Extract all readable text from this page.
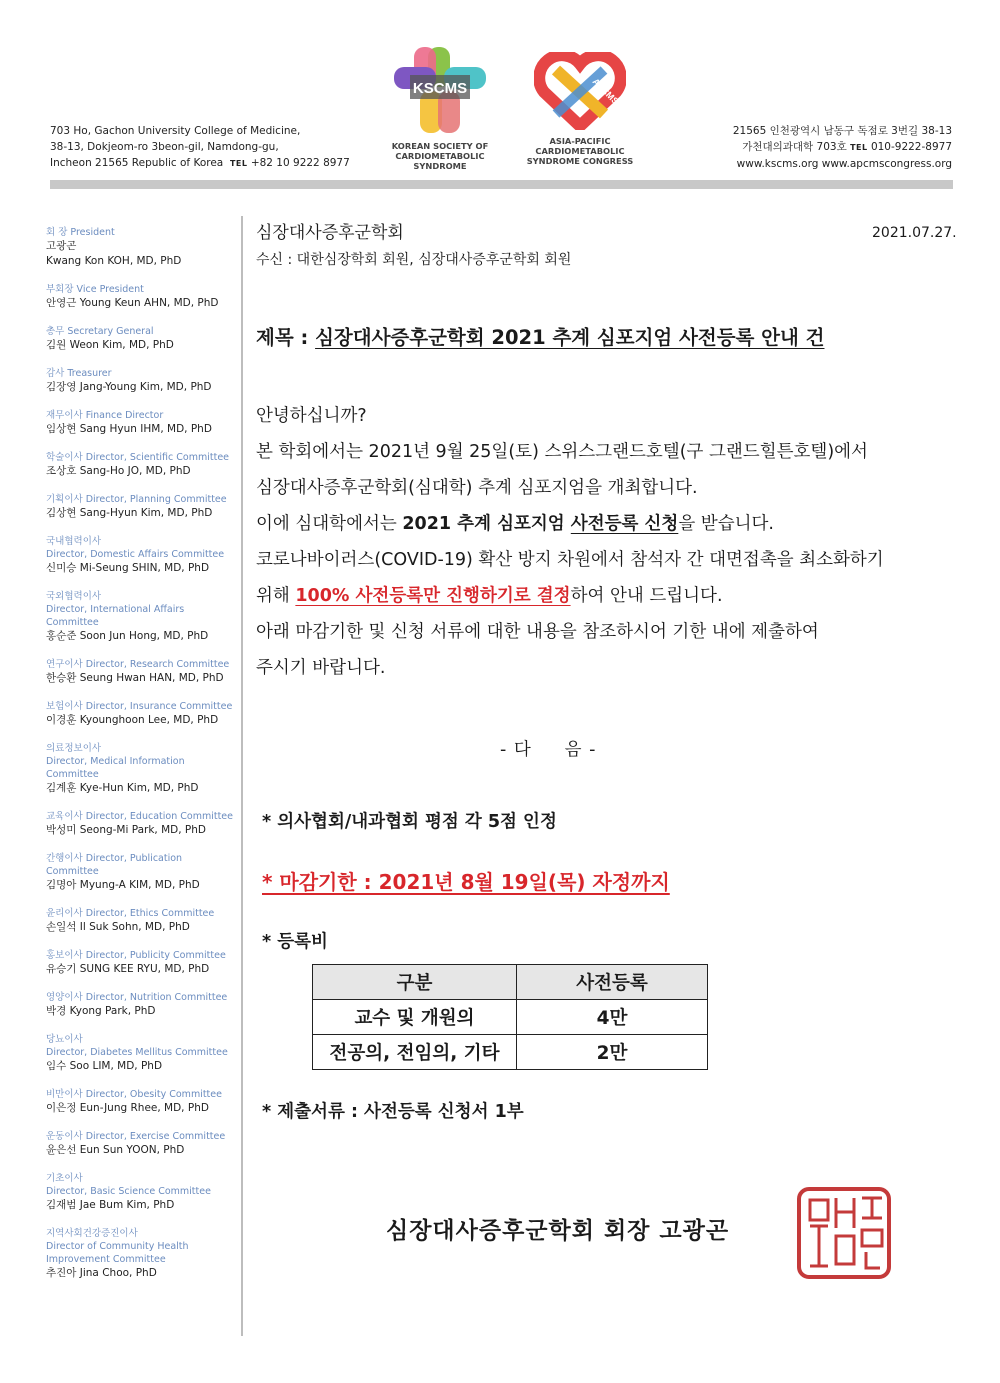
703 Ho, Gachon University College of Medicine,
38-13, Dokjeom-ro 3beon-gil, Namdong-gu,
Incheon 21565 Republic of Korea TEL +82 10 9222 8977
KSCMS
KOREAN SOCIETY OF
CARDIOMETABOLIC SYNDROME
APCMS
ASIA-PACIFIC
CARDIOMETABOLIC
SYNDROME CONGRESS
21565 인천광역시 남동구 독점로 3번길 38-13
가천대의과대학 703호 TEL 010-9222-8977
www.kscms.org www.apcmscongress.org
회 장 President
고광곤
Kwang Kon KOH, MD, PhD
부회장 Vice President
안영근 Young Keun AHN, MD, PhD
총무 Secretary General
김원 Weon Kim, MD, PhD
감사 Treasurer
김장영 Jang-Young Kim, MD, PhD
재무이사 Finance Director
임상현 Sang Hyun IHM, MD, PhD
학술이사 Director, Scientific Committee
조상호 Sang-Ho JO, MD, PhD
기획이사 Director, Planning Committee
김상현 Sang-Hyun Kim, MD, PhD
국내협력이사
Director, Domestic Affairs Committee
신미승 Mi-Seung SHIN, MD, PhD
국외협력이사
Director, International Affairs Committee
홍순준 Soon Jun Hong, MD, PhD
연구이사 Director, Research Committee
한승환 Seung Hwan HAN, MD, PhD
보험이사 Director, Insurance Committee
이경훈 Kyounghoon Lee, MD, PhD
의료정보이사
Director, Medical Information Committee
김계훈 Kye-Hun Kim, MD, PhD
교육이사 Director, Education Committee
박성미 Seong-Mi Park, MD, PhD
간행이사 Director, Publication Committee
김명아 Myung-A KIM, MD, PhD
윤리이사 Director, Ethics Committee
손일석 Il Suk Sohn, MD, PhD
홍보이사 Director, Publicity Committee
유승기 SUNG KEE RYU, MD, PhD
영양이사 Director, Nutrition Committee
박경 Kyong Park, PhD
당뇨이사
Director, Diabetes Mellitus Committee
임수 Soo LIM, MD, PhD
비만이사 Director, Obesity Committee
이은정 Eun-Jung Rhee, MD, PhD
운동이사 Director, Exercise Committee
윤은선 Eun Sun YOON, PhD
기초이사
Director, Basic Science Committee
김재범 Jae Bum Kim, PhD
지역사회건강증진이사
Director of Community Health
Improvement Committee
추진아 Jina Choo, PhD
심장대사증후군학회	2021.07.27.
수신 : 대한심장학회 회원, 심장대사증후군학회 회원
제목 : 심장대사증후군학회 2021 추계 심포지엄 사전등록 안내 건

안녕하십니까?

본 학회에서는 2021년 9월 25일(토) 스위스그랜드호텔(구 그랜드힐튼호텔)에서

심장대사증후군학회(심대학) 추계 심포지엄을 개최합니다.

이에 심대학에서는 2021 추계 심포지엄 사전등록 신청을 받습니다.

코로나바이러스(COVID-19) 확산 방지 차원에서 참석자 간 대면접촉을 최소화하기

위해 100% 사전등록만 진행하기로 결정하여 안내 드립니다.

아래 마감기한 및 신청 서류에 대한 내용을 참조하시어 기한 내에 제출하여

주시기 바랍니다.

- 다     음 -
* 의사협회/내과협회 평점 각 5점 인정
* 마감기한 : 2021년 8월 19일(목) 자정까지
* 등록비
구분	사전등록
교수 및 개원의	4만
전공의, 전임의, 기타	2만
* 제출서류 : 사전등록 신청서 1부
심장대사증후군학회 회장 고광곤
